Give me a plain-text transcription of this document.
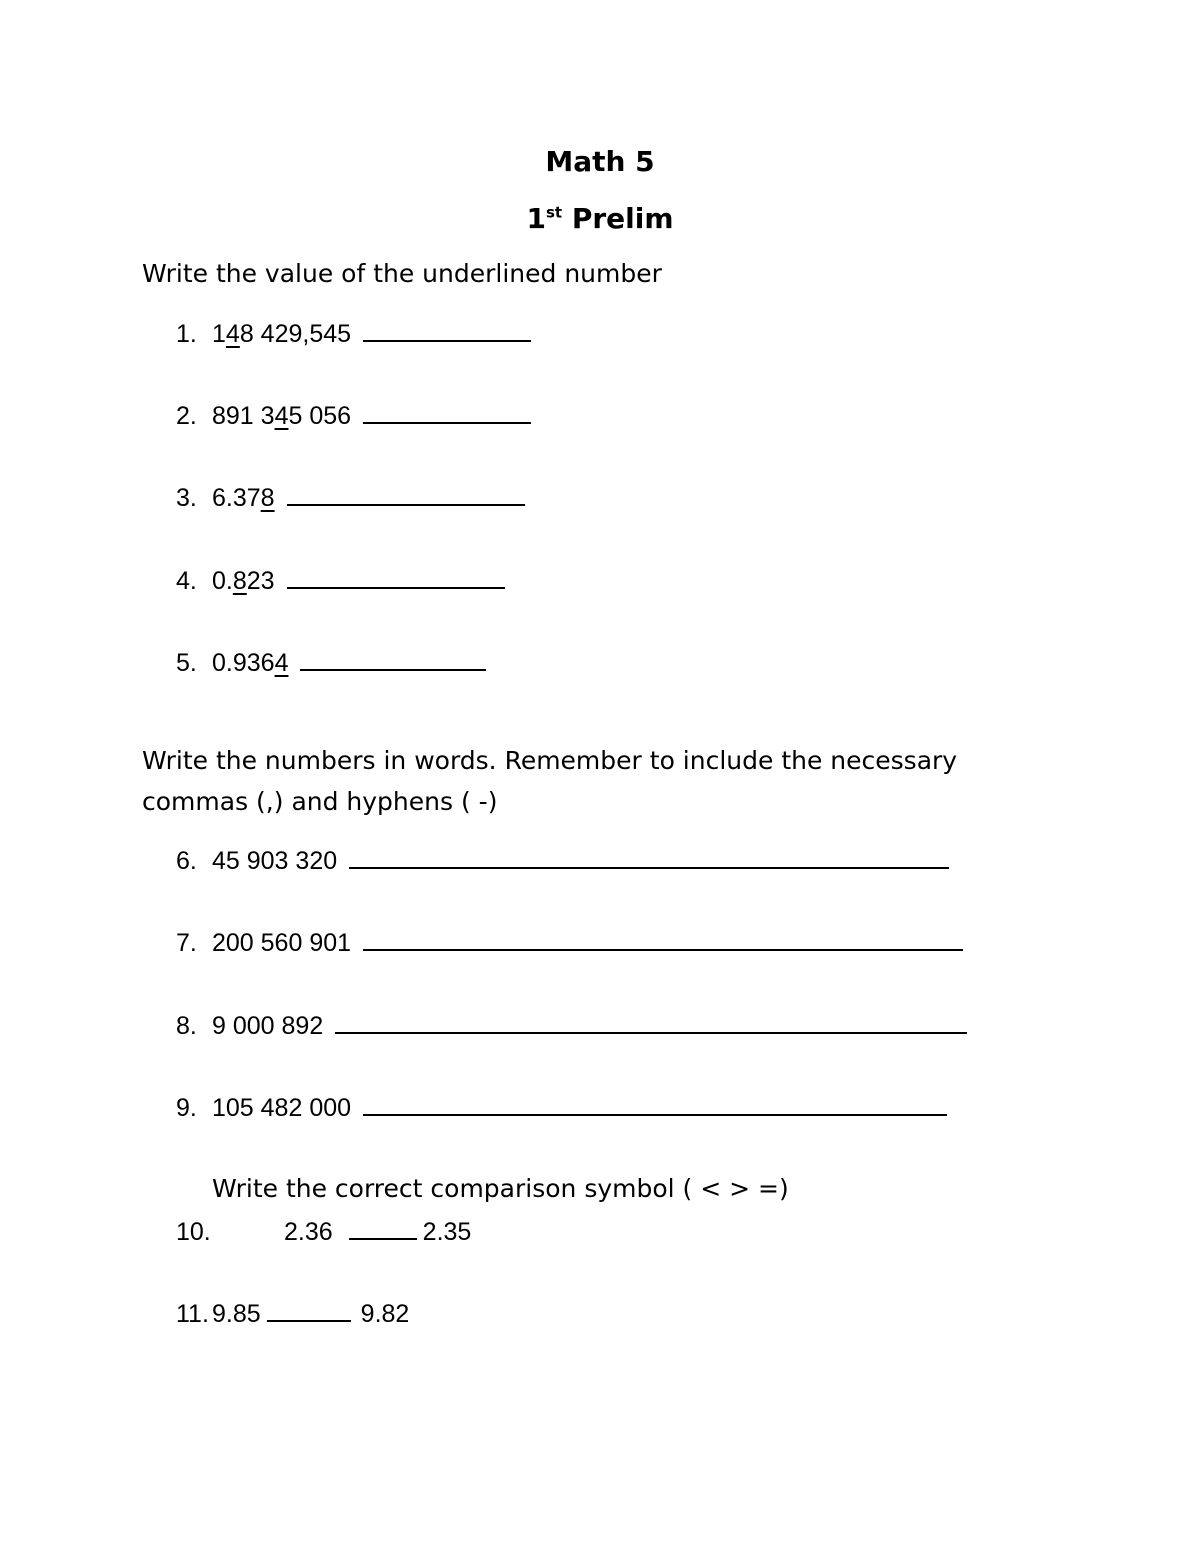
Math 5
1st Prelim
Write the value of the underlined number
1. 148 429,545
2. 891 345 056
3. 6.378
4. 0.823
5. 0.9364
Write the numbers in words. Remember to include the necessary
commas (,) and hyphens ( -)
6. 45 903 320
7. 200 560 901
8. 9 000 892
9. 105 482 000
Write the correct comparison symbol ( < > =)
10.	2.36	2.35
11. 9.85	9.82
